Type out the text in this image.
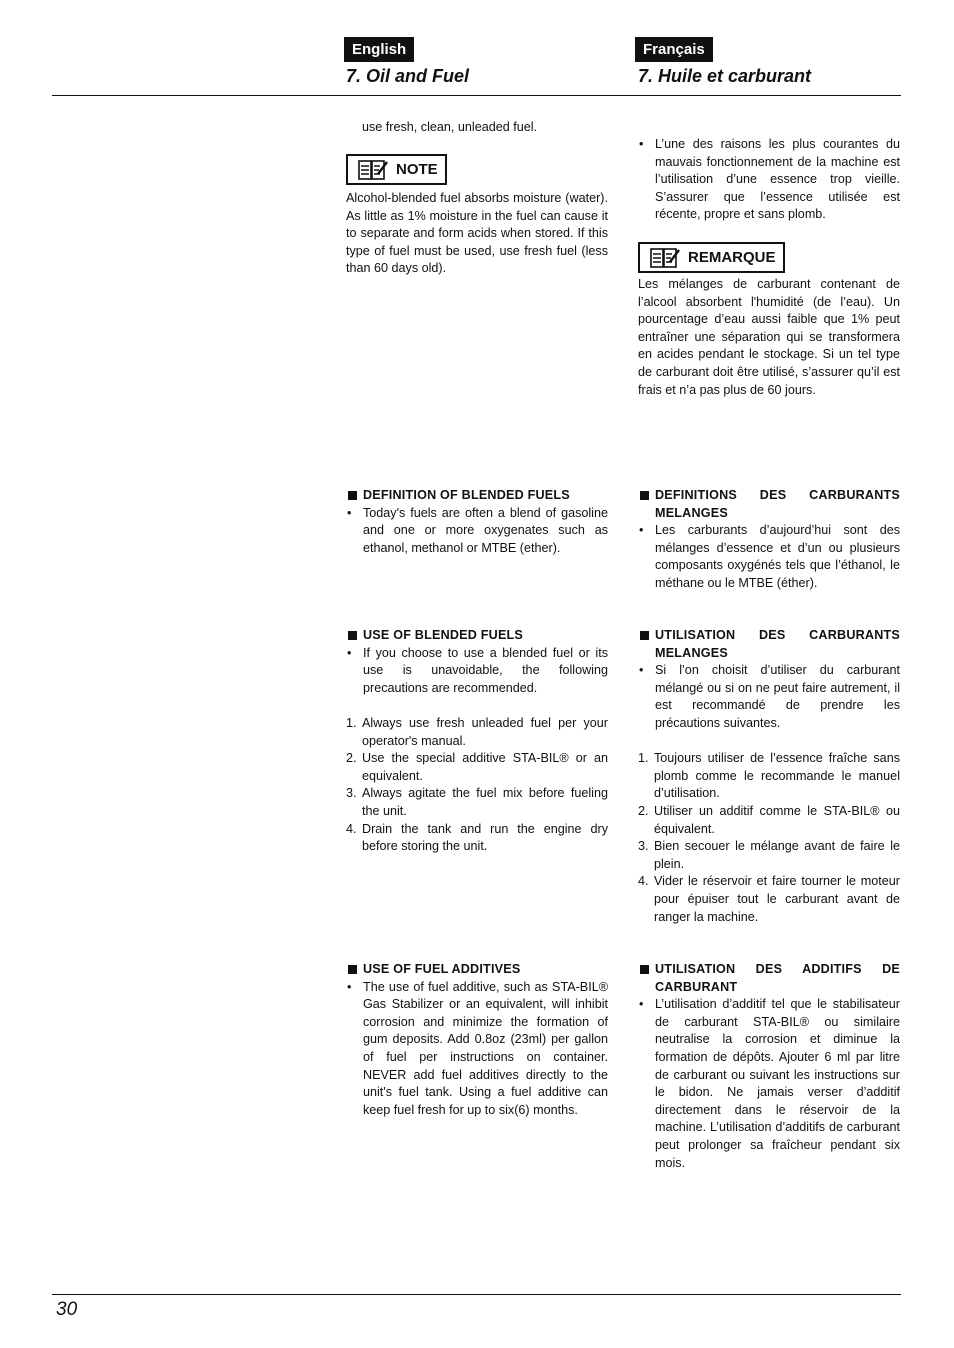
English	Français
7. Oil and Fuel	7. Huile et carburant

use fresh, clean, unleaded fuel.

NOTE

Alcohol-blended fuel absorbs moisture (water). As little as 1% moisture in the fuel can cause it to separate and form acids when stored. If this type of fuel must be used, use fresh fuel (less than 60 days old).

• L’une des raisons les plus courantes du mauvais fonctionnement de la machine est l’utilisation d’une essence trop vieille. S’assurer que l’essence utilisée est récente, propre et sans plomb.
REMARQUE

Les mélanges de carburant contenant de l’alcool absorbent l'humidité (de l’eau). Un pourcentage d’eau aussi faible que 1% peut entraîner une séparation qui se transformera en acides pendant le stockage. Si un tel type de carburant doit être utilisé, s’assurer qu’il est frais et n’a pas plus de 60 jours.

DEFINITION OF BLENDED FUELS
• Today's fuels are often a blend of gasoline and one or more oxygenates such as ethanol, methanol or MTBE (ether).
DEFINITIONS DES CARBURANTS MELANGES
• Les carburants d’aujourd’hui sont des mélanges d’essence et d’un ou plusieurs composants oxygénés tels que l’éthanol, le méthane ou le MTBE (éther).
USE OF BLENDED FUELS
• If you choose to use a blended fuel or its use is unavoidable, the following precautions are recommended.
1. Always use fresh unleaded fuel per your operator's manual.
2. Use the special additive STA-BIL® or an equivalent.
3. Always agitate the fuel mix before fueling the unit.
4. Drain the tank and run the engine dry before storing the unit.
UTILISATION DES CARBURANTS MELANGES
• Si l’on choisit d’utiliser du carburant mélangé ou si on ne peut faire autrement, il est recommandé de prendre les précautions suivantes.
1. Toujours utiliser de l’essence fraîche sans plomb comme le recommande le manuel d’utilisation.
2. Utiliser un additif comme le STA-BIL® ou équivalent.
3. Bien secouer le mélange avant de faire le plein.
4. Vider le réservoir et faire tourner le moteur pour épuiser tout le carburant avant de ranger la machine.
USE OF FUEL ADDITIVES
• The use of fuel additive, such as STA-BIL® Gas Stabilizer or an equivalent, will inhibit corrosion and minimize the formation of gum deposits. Add 0.8oz (23ml) per gallon of fuel per instructions on container. NEVER add fuel additives directly to the unit's fuel tank. Using a fuel additive can keep fuel fresh for up to six(6) months.
UTILISATION DES ADDITIFS DE CARBURANT
• L’utilisation d’additif tel que le stabilisateur de carburant STA-BIL® ou similaire neutralise la corrosion et diminue la formation de dépôts. Ajouter 6 ml par litre de carburant ou suivant les instructions sur le bidon. Ne jamais verser d’additif directement dans le réservoir de la machine. L’utilisation d’additifs de carburant peut prolonger sa fraîcheur pendant six mois.
30
